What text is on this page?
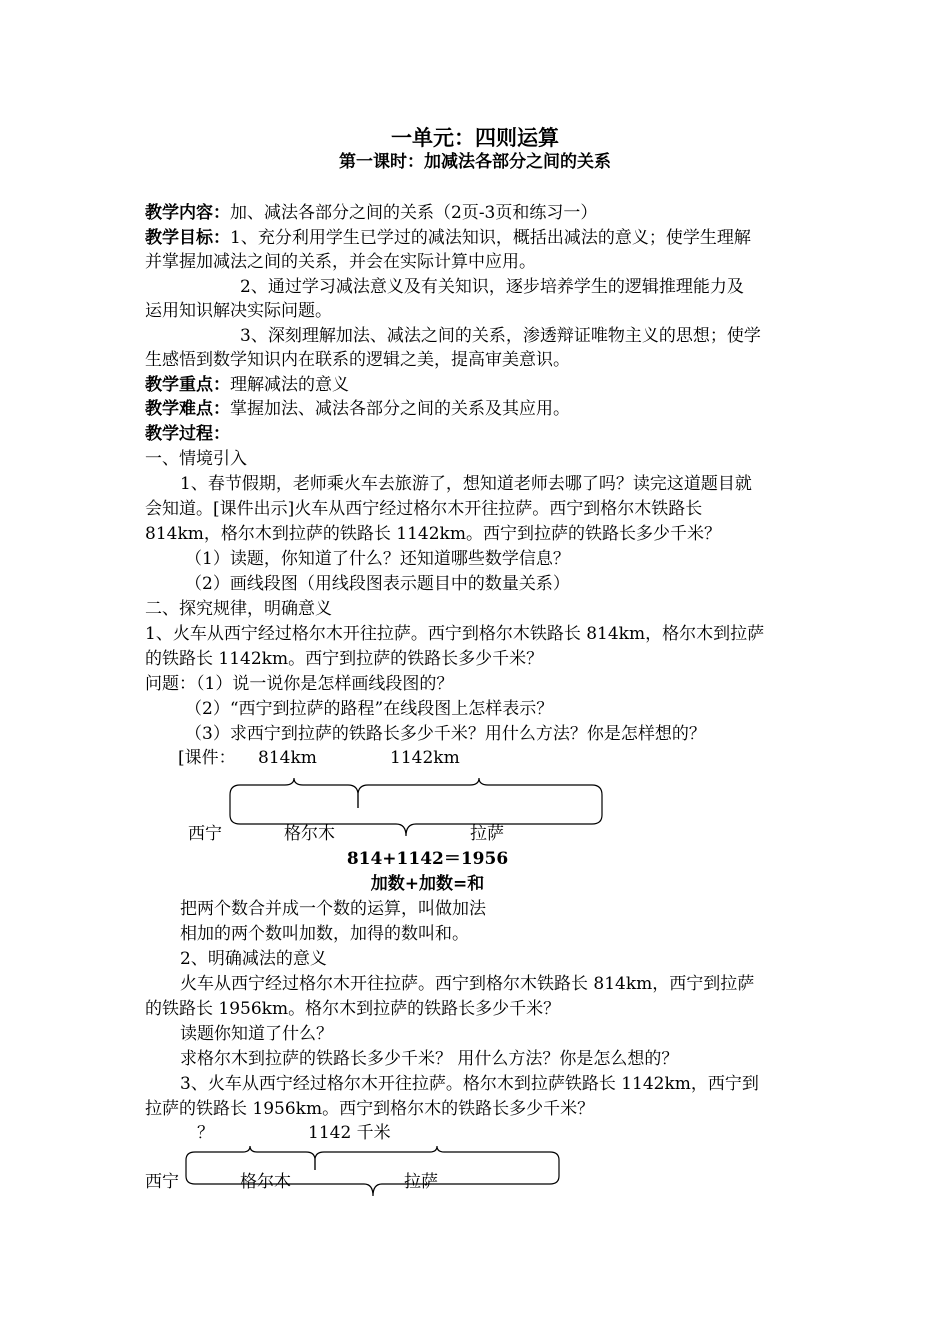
一单元：四则运算
第一课时：加减法各部分之间的关系
教学内容：加、减法各部分之间的关系（2页-3页和练习一）
教学目标：1、充分利用学生已学过的减法知识，概括出减法的意义；使学生理解
并掌握加减法之间的关系，并会在实际计算中应用。
2、通过学习减法意义及有关知识，逐步培养学生的逻辑推理能力及
运用知识解决实际问题。
3、深刻理解加法、减法之间的关系，渗透辩证唯物主义的思想；使学
生感悟到数学知识内在联系的逻辑之美，提高审美意识。
教学重点：理解减法的意义
教学难点：掌握加法、减法各部分之间的关系及其应用。
教学过程：
一、情境引入
1、春节假期，老师乘火车去旅游了，想知道老师去哪了吗？读完这道题目就
会知道。[课件出示]火车从西宁经过格尔木开往拉萨。西宁到格尔木铁路长
814km，格尔木到拉萨的铁路长 1142km。西宁到拉萨的铁路长多少千米？
（1）读题，你知道了什么？还知道哪些数学信息？
（2）画线段图（用线段图表示题目中的数量关系）
二、探究规律，明确意义
1、火车从西宁经过格尔木开往拉萨。西宁到格尔木铁路长 814km，格尔木到拉萨
的铁路长 1142km。西宁到拉萨的铁路长多少千米？
问题：（1）说一说你是怎样画线段图的？
（2）“西宁到拉萨的路程”在线段图上怎样表示？
（3）求西宁到拉萨的铁路长多少千米？用什么方法？你是怎样想的？
[课件： 814km	1142km
西宁	格尔木	拉萨
814+1142＝1956
加数+加数=和
把两个数合并成一个数的运算，叫做加法
相加的两个数叫加数，加得的数叫和。
2、明确减法的意义
火车从西宁经过格尔木开往拉萨。西宁到格尔木铁路长 814km，西宁到拉萨
的铁路长 1956km。格尔木到拉萨的铁路长多少千米？
读题你知道了什么？
求格尔木到拉萨的铁路长多少千米？ 用什么方法？你是怎么想的？
3、火车从西宁经过格尔木开往拉萨。格尔木到拉萨铁路长 1142km，西宁到
拉萨的铁路长 1956km。西宁到格尔木的铁路长多少千米？
？	1142 千米
西宁	格尔木	拉萨
